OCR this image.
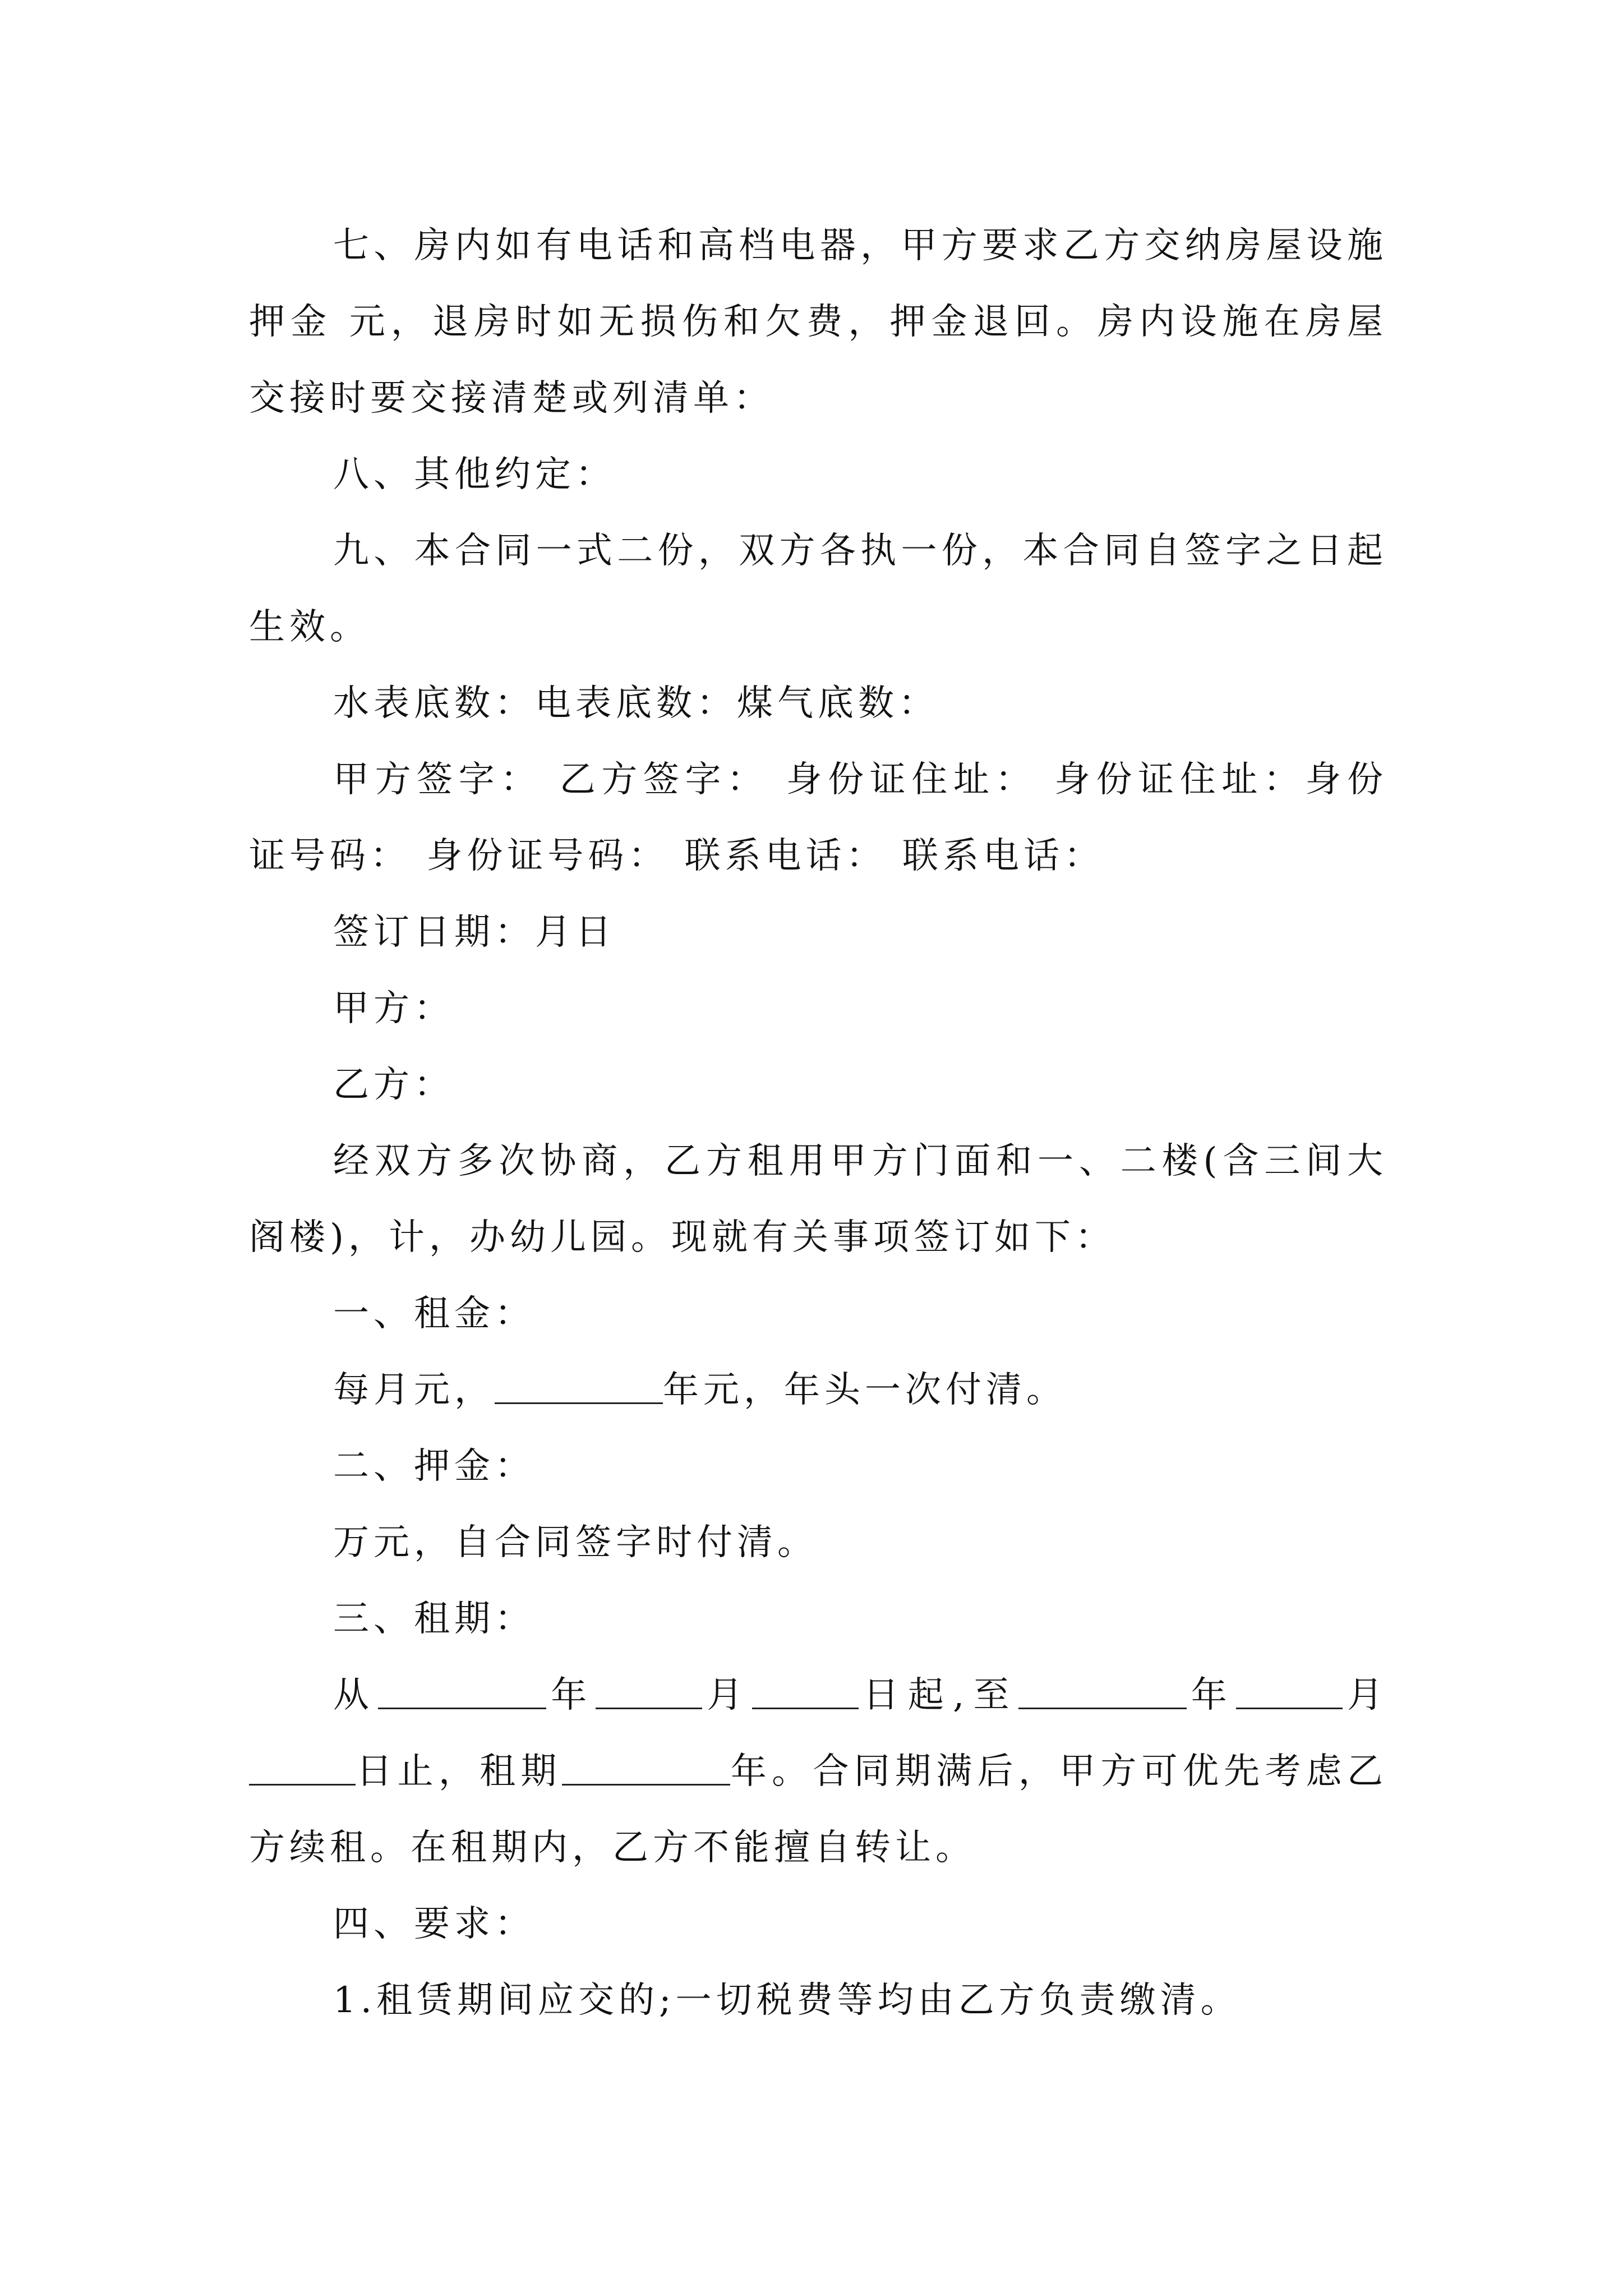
七、房内如有电话和高档电器，甲方要求乙方交纳房屋设施押金 元，退房时如无损伤和欠费，押金退回。房内设施在房屋交接时要交接清楚或列清单：

八、其他约定：

九、本合同一式二份，双方各执一份，本合同自签字之日起生效。

水表底数：电表底数：煤气底数：

甲方签字： 乙方签字： 身份证住址： 身份证住址：身份证号码： 身份证号码： 联系电话： 联系电话：

签订日期：月日

甲方：

乙方：

经双方多次协商，乙方租用甲方门面和一、二楼(含三间大阁楼)，计，办幼儿园。现就有关事项签订如下：

一、租金：

每月元，	年元，年头一次付清。

二、押金：

万元，自合同签字时付清。

三、租期：

从	年	月	日起,至	年	月日止，租期	年。合同期满后，甲方可优先考虑乙方续租。在租期内，乙方不能擅自转让。

四、要求：

1.租赁期间应交的;一切税费等均由乙方负责缴清。
